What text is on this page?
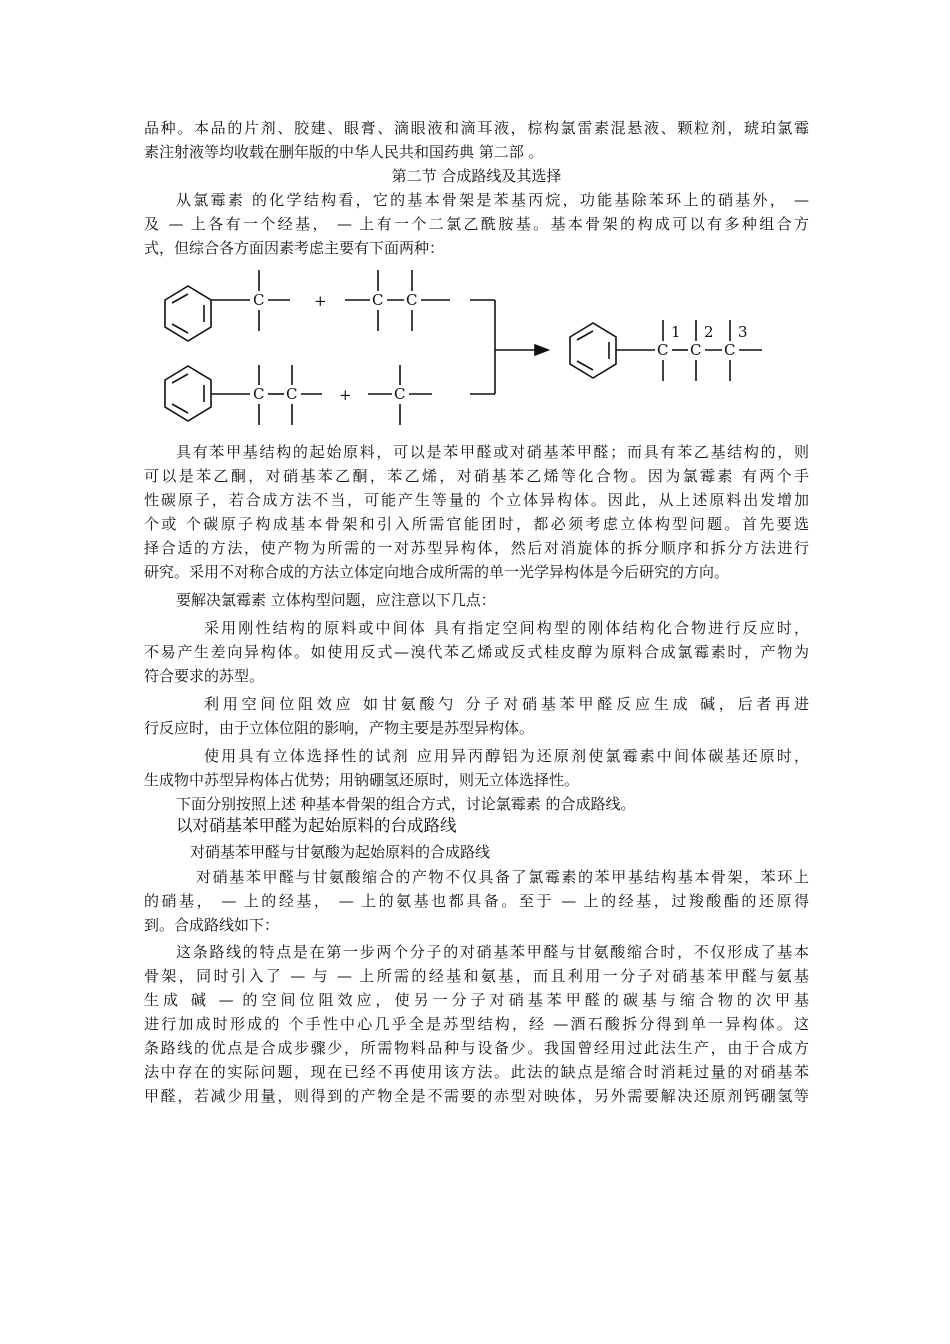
品种。本品的片剂、胶建、眼膏、滴眼液和滴耳液，棕构氯雷素混悬液、颗粒剂，琥珀氯霉
素注射液等均收载在删年版的中华人民共和国药典 第二部 。
第二节 合成路线及其选择
从氯霉素 的化学结构看，它的基本骨架是苯基丙烷，功能基除苯环上的硝基外， —
及 — 上各有一个经基， — 上有一个二氯乙酰胺基。基本骨架的构成可以有多种组合方
式，但综合各方面因素考虑主要有下面两种：
C	+	C C
C C	+	C
C
1
C
2
C
3
具有苯甲基结构的起始原料，可以是苯甲醛或对硝基苯甲醛；而具有苯乙基结构的，则
可以是苯乙酮，对硝基苯乙酮，苯乙烯，对硝基苯乙烯等化合物。因为氯霉素 有两个手
性碳原子，若合成方法不当，可能产生等量的 个立体异构体。因此，从上述原料出发增加
个或 个碳原子构成基本骨架和引入所需官能团时，都必须考虑立体构型问题。首先要选
择合适的方法，使产物为所需的一对苏型异构体，然后对消旋体的拆分顺序和拆分方法进行
研究。采用不对称合成的方法立体定向地合成所需的单一光学异构体是今后研究的方向。
要解决氯霉素 立体构型问题，应注意以下几点：
采用刚性结构的原料或中间体 具有指定空间构型的刚体结构化合物进行反应时，
不易产生差向异构体。如使用反式—溴代苯乙烯或反式桂皮醇为原料合成氯霉素时，产物为
符合要求的苏型。
利用空间位阻效应 如甘氨酸勺 分子对硝基苯甲醛反应生成 碱，后者再进
行反应时，由于立体位阻的影响，产物主要是苏型异构体。
使用具有立体选择性的试剂 应用异丙醇铝为还原剂使氯霉素中间体碳基还原时，
生成物中苏型异构体占优势；用钠硼氢还原时，则无立体选择性。
下面分别按照上述 种基本骨架的组合方式，讨论氯霉素 的合成路线。
以对硝基苯甲醛为起始原料的台成路线
对硝基苯甲醛与甘氨酸为起始原料的合成路线
对硝基苯甲醛与甘氨酸缩合的产物不仅具备了氯霉素的苯甲基结构基本骨架，苯环上
的硝基， — 上的经基， — 上的氨基也都具备。至于 — 上的经基，过羧酸酯的还原得
到。合成路线如下：
这条路线的特点是在第一步两个分子的对硝基苯甲醛与甘氨酸缩合时，不仅形成了基本
骨架，同时引入了 — 与 — 上所需的经基和氨基，而且利用一分子对硝基苯甲醛与氨基
生成 碱 — 的空间位阻效应，使另一分子对硝基苯甲醛的碳基与缩合物的次甲基
进行加成时形成的 个手性中心几乎全是苏型结构，经 —酒石酸拆分得到单一异构体。这
条路线的优点是合成步骤少，所需物料品种与设备少。我国曾经用过此法生产，由于合成方
法中存在的实际问题，现在已经不再使用该方法。此法的缺点是缩合时消耗过量的对硝基苯
甲醛，若减少用量，则得到的产物全是不需要的赤型对映体，另外需要解决还原剂钙硼氢等
